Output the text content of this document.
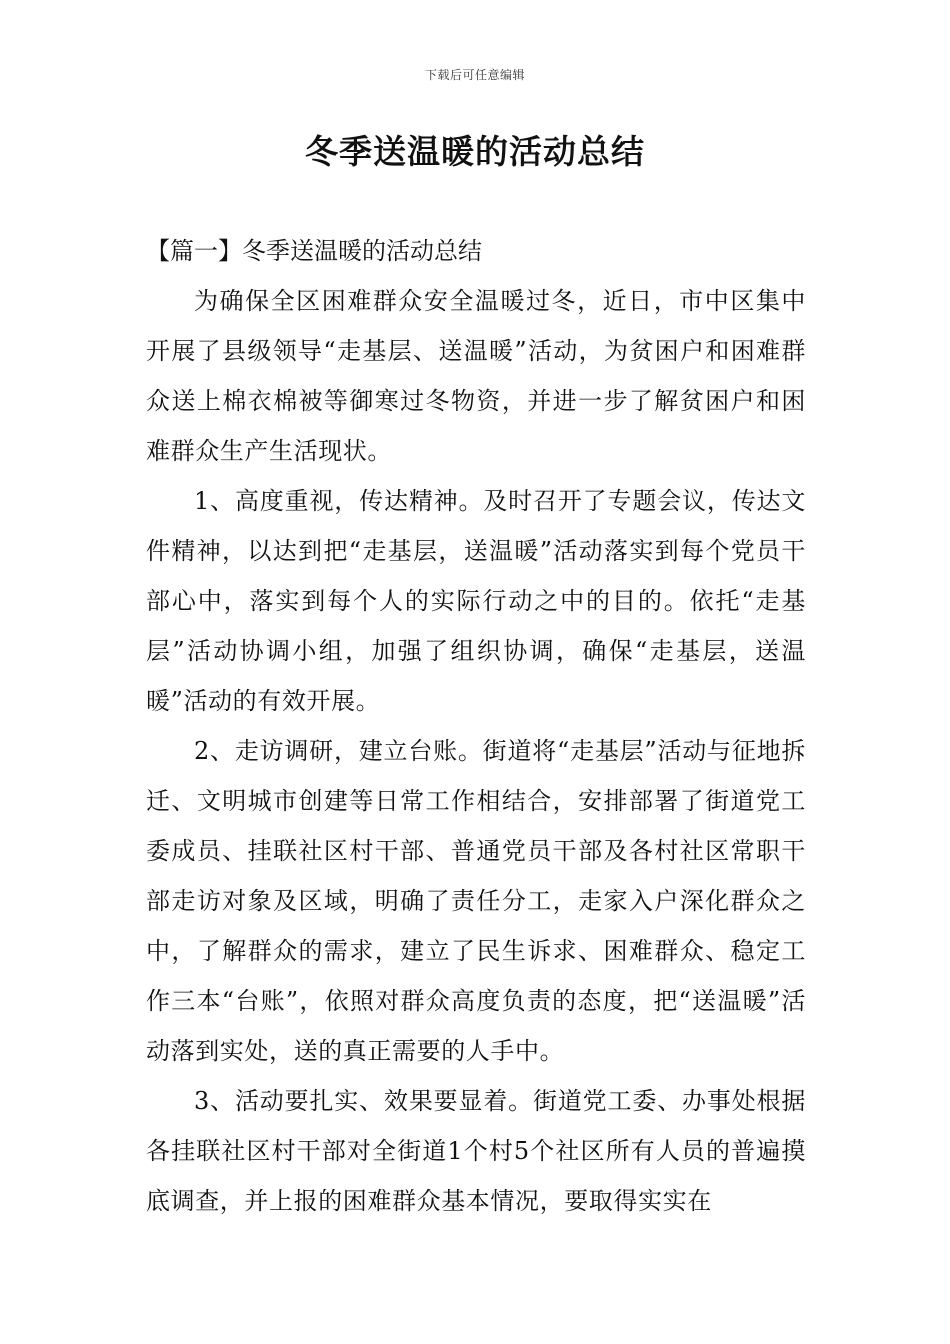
下载后可任意编辑
冬季送温暖的活动总结

【篇一】冬季送温暖的活动总结

为确保全区困难群众安全温暖过冬，近日，市中区集中开展了县级领导“走基层、送温暖”活动，为贫困户和困难群众送上棉衣棉被等御寒过冬物资，并进一步了解贫困户和困难群众生产生活现状。

1、高度重视，传达精神。及时召开了专题会议，传达文件精神，以达到把“走基层，送温暖”活动落实到每个党员干部心中，落实到每个人的实际行动之中的目的。依托“走基层”活动协调小组，加强了组织协调，确保“走基层，送温暖”活动的有效开展。

2、走访调研，建立台账。街道将“走基层”活动与征地拆迁、文明城市创建等日常工作相结合，安排部署了街道党工委成员、挂联社区村干部、普通党员干部及各村社区常职干部走访对象及区域，明确了责任分工，走家入户深化群众之中，了解群众的需求，建立了民生诉求、困难群众、稳定工作三本“台账”，依照对群众高度负责的态度，把“送温暖”活动落到实处，送的真正需要的人手中。

3、活动要扎实、效果要显着。街道党工委、办事处根据各挂联社区村干部对全街道1个村5个社区所有人员的普遍摸底调查，并上报的困难群众基本情况，要取得实实在
